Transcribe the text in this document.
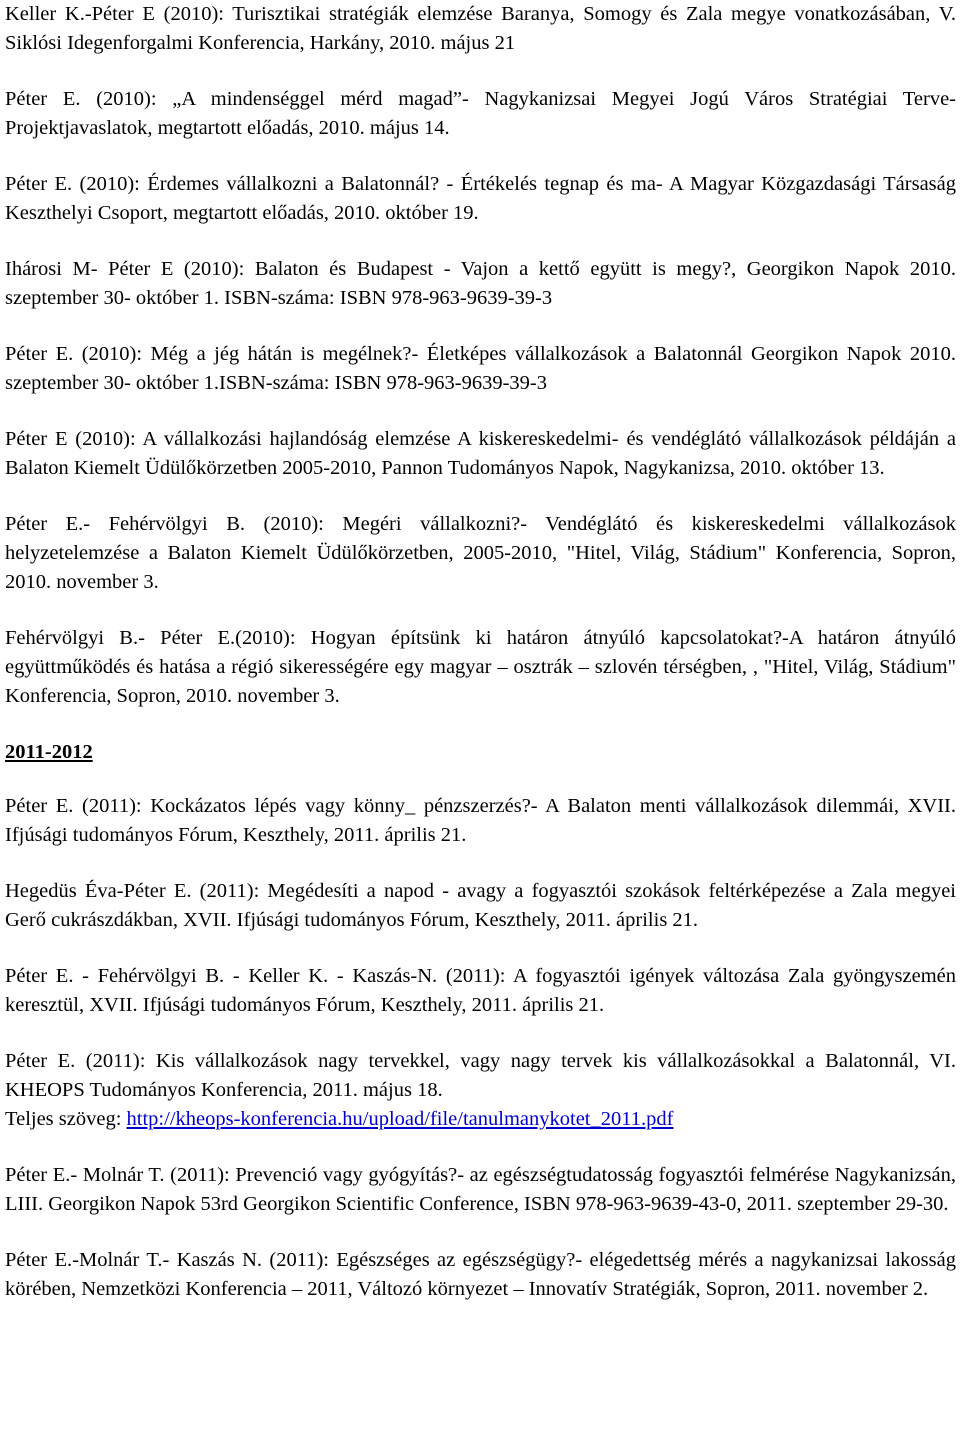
Keller K.-Péter E (2010): Turisztikai stratégiák elemzése Baranya, Somogy és Zala megye vonatkozásában, V. Siklósi Idegenforgalmi Konferencia, Harkány, 2010. május 21

Péter E. (2010): „A mindenséggel mérd magad”- Nagykanizsai Megyei Jogú Város Stratégiai Terve- Projektjavaslatok, megtartott előadás, 2010. május 14.

Péter E. (2010): Érdemes vállalkozni a Balatonnál? - Értékelés tegnap és ma- A Magyar Közgazdasági Társaság Keszthelyi Csoport, megtartott előadás, 2010. október 19.

Ihárosi M- Péter E (2010): Balaton és Budapest - Vajon a kettő együtt is megy?, Georgikon Napok 2010. szeptember 30- október 1. ISBN-száma: ISBN 978-963-9639-39-3

Péter E. (2010): Még a jég hátán is megélnek?- Életképes vállalkozások a Balatonnál Georgikon Napok 2010. szeptember 30- október 1.ISBN-száma: ISBN 978-963-9639-39-3

Péter E (2010): A vállalkozási hajlandóság elemzése A kiskereskedelmi- és vendéglátó vállalkozások példáján a Balaton Kiemelt Üdülőkörzetben 2005-2010, Pannon Tudományos Napok, Nagykanizsa, 2010. október 13.

Péter E.- Fehérvölgyi B. (2010): Megéri vállalkozni?- Vendéglátó és kiskereskedelmi vállalkozások helyzetelemzése a Balaton Kiemelt Üdülőkörzetben, 2005-2010, "Hitel, Világ, Stádium" Konferencia, Sopron, 2010. november 3.

Fehérvölgyi B.- Péter E.(2010): Hogyan építsünk ki határon átnyúló kapcsolatokat?-A határon átnyúló együttműködés és hatása a régió sikerességére egy magyar – osztrák – szlovén térségben, , "Hitel, Világ, Stádium" Konferencia, Sopron, 2010. november 3.

2011-2012

Péter E. (2011): Kockázatos lépés vagy könny_ pénzszerzés?- A Balaton menti vállalkozások dilemmái, XVII. Ifjúsági tudományos Fórum, Keszthely, 2011. április 21.

Hegedüs Éva-Péter E. (2011): Megédesíti a napod - avagy a fogyasztói szokások feltérképezése a Zala megyei Gerő cukrászdákban, XVII. Ifjúsági tudományos Fórum, Keszthely, 2011. április 21.

Péter E. - Fehérvölgyi B. - Keller K. - Kaszás-N. (2011): A fogyasztói igények változása Zala gyöngyszemén keresztül, XVII. Ifjúsági tudományos Fórum, Keszthely, 2011. április 21.

Péter E. (2011): Kis vállalkozások nagy tervekkel, vagy nagy tervek kis vállalkozásokkal a Balatonnál, VI. KHEOPS Tudományos Konferencia, 2011. május 18.
Teljes szöveg: http://kheops-konferencia.hu/upload/file/tanulmanykotet_2011.pdf

Péter E.- Molnár T. (2011): Prevenció vagy gyógyítás?- az egészségtudatosság fogyasztói felmérése Nagykanizsán, LIII. Georgikon Napok 53rd Georgikon Scientific Conference, ISBN 978-963-9639-43-0, 2011. szeptember 29-30.

Péter E.-Molnár T.- Kaszás N. (2011): Egészséges az egészségügy?- elégedettség mérés a nagykanizsai lakosság körében, Nemzetközi Konferencia – 2011, Változó környezet – Innovatív Stratégiák, Sopron, 2011. november 2.
